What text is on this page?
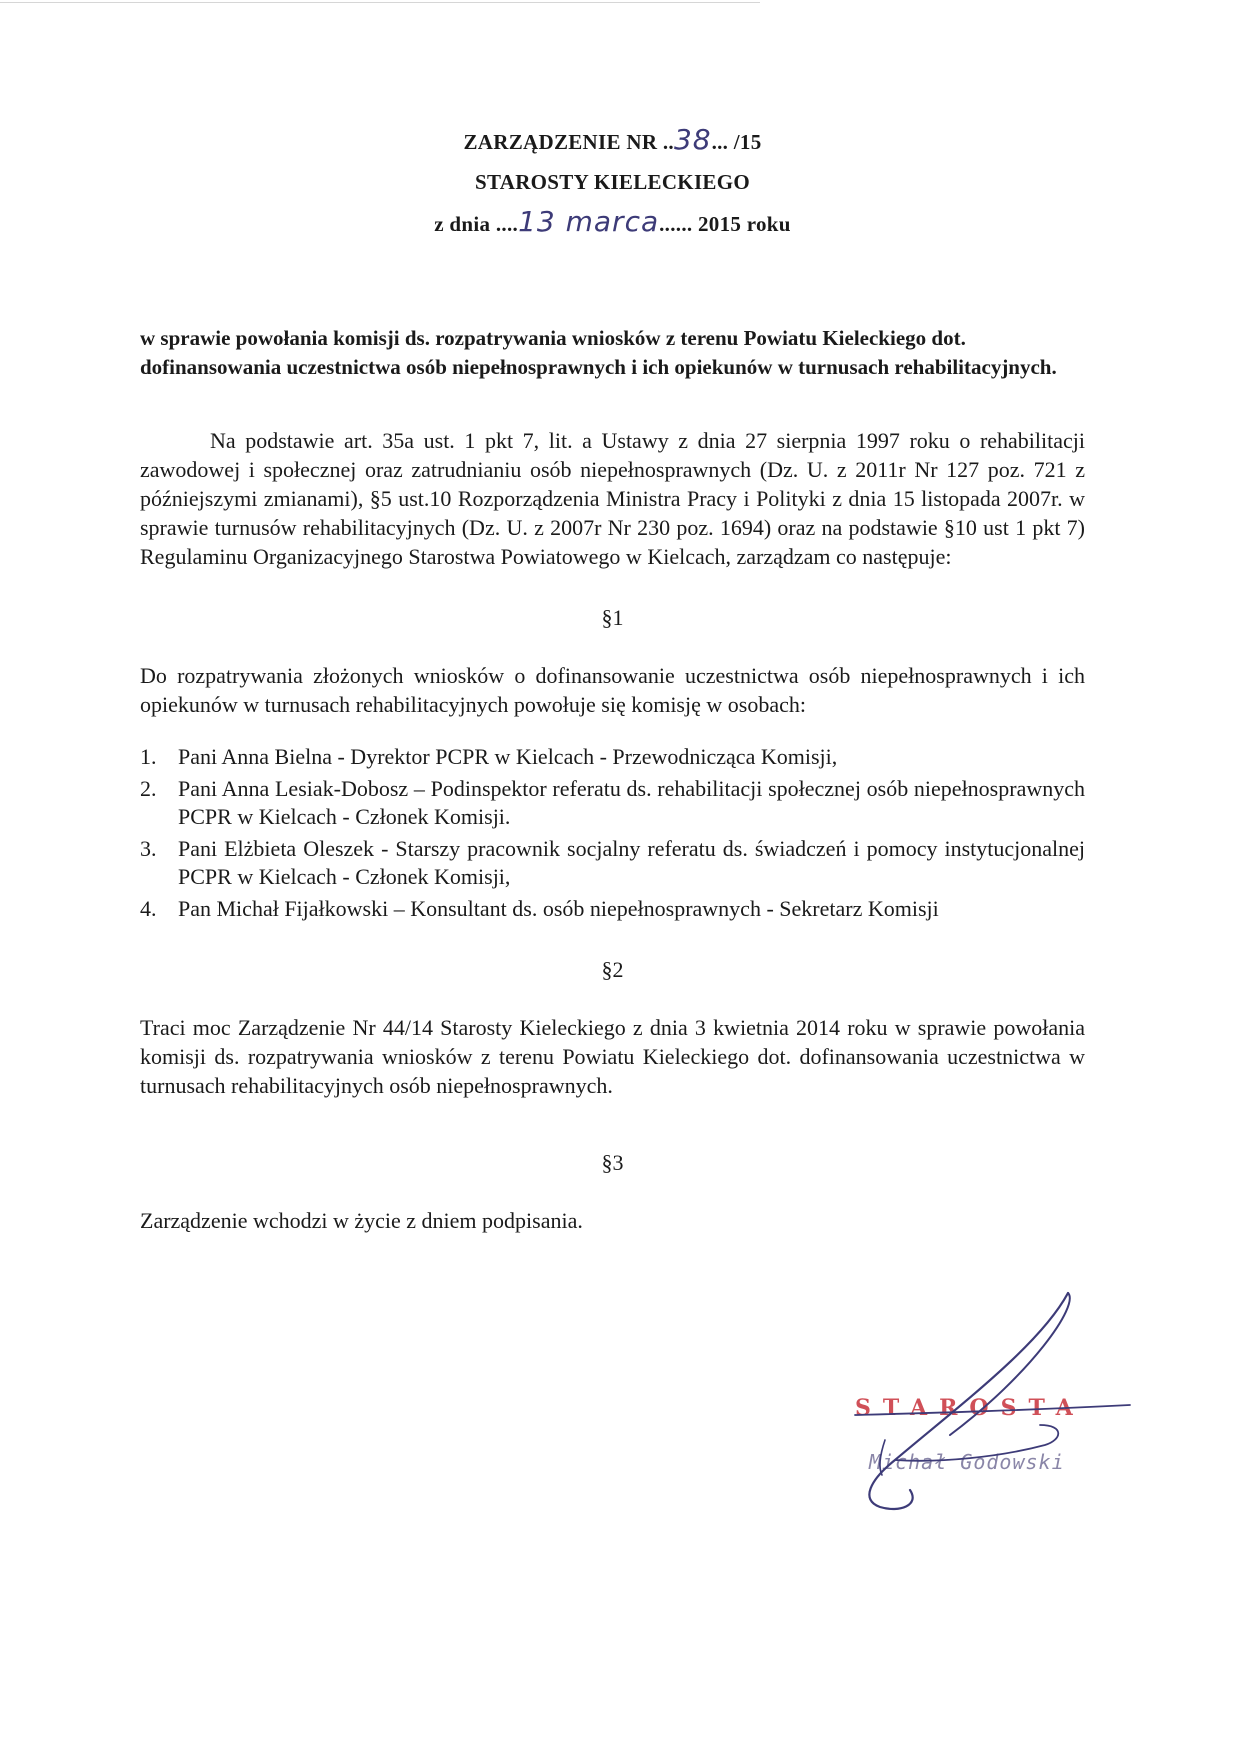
ZARZĄDZENIE NR ..38... /15
STAROSTY KIELECKIEGO
z dnia ....13 marca...... 2015 roku
w sprawie powołania komisji ds. rozpatrywania wniosków z terenu Powiatu Kieleckiego dot. dofinansowania uczestnictwa osób niepełnosprawnych i ich opiekunów w turnusach rehabilitacyjnych.
Na podstawie art. 35a ust. 1 pkt 7, lit. a Ustawy z dnia 27 sierpnia 1997 roku o rehabilitacji zawodowej i społecznej oraz zatrudnianiu osób niepełnosprawnych (Dz. U. z 2011r Nr 127 poz. 721 z późniejszymi zmianami), §5 ust.10 Rozporządzenia Ministra Pracy i Polityki z dnia 15 listopada 2007r. w sprawie turnusów rehabilitacyjnych (Dz. U. z 2007r Nr 230 poz. 1694) oraz na podstawie §10 ust 1 pkt 7) Regulaminu Organizacyjnego Starostwa Powiatowego w Kielcach, zarządzam co następuje:
§1
Do rozpatrywania złożonych wniosków o dofinansowanie uczestnictwa osób niepełnosprawnych i ich opiekunów w turnusach rehabilitacyjnych powołuje się komisję w osobach:
1. Pani Anna Bielna - Dyrektor PCPR w Kielcach - Przewodnicząca Komisji,
2. Pani Anna Lesiak-Dobosz – Podinspektor referatu ds. rehabilitacji społecznej osób niepełnosprawnych PCPR w Kielcach - Członek Komisji.
3. Pani Elżbieta Oleszek - Starszy pracownik socjalny referatu ds. świadczeń i pomocy instytucjonalnej PCPR w Kielcach - Członek Komisji,
4. Pan Michał Fijałkowski – Konsultant ds. osób niepełnosprawnych - Sekretarz Komisji
§2
Traci moc Zarządzenie Nr 44/14 Starosty Kieleckiego z dnia 3 kwietnia 2014 roku w sprawie powołania komisji ds. rozpatrywania wniosków z terenu Powiatu Kieleckiego dot. dofinansowania uczestnictwa w turnusach rehabilitacyjnych osób niepełnosprawnych.
§3
Zarządzenie wchodzi w życie z dniem podpisania.
STAROSTA
Michał Godowski
